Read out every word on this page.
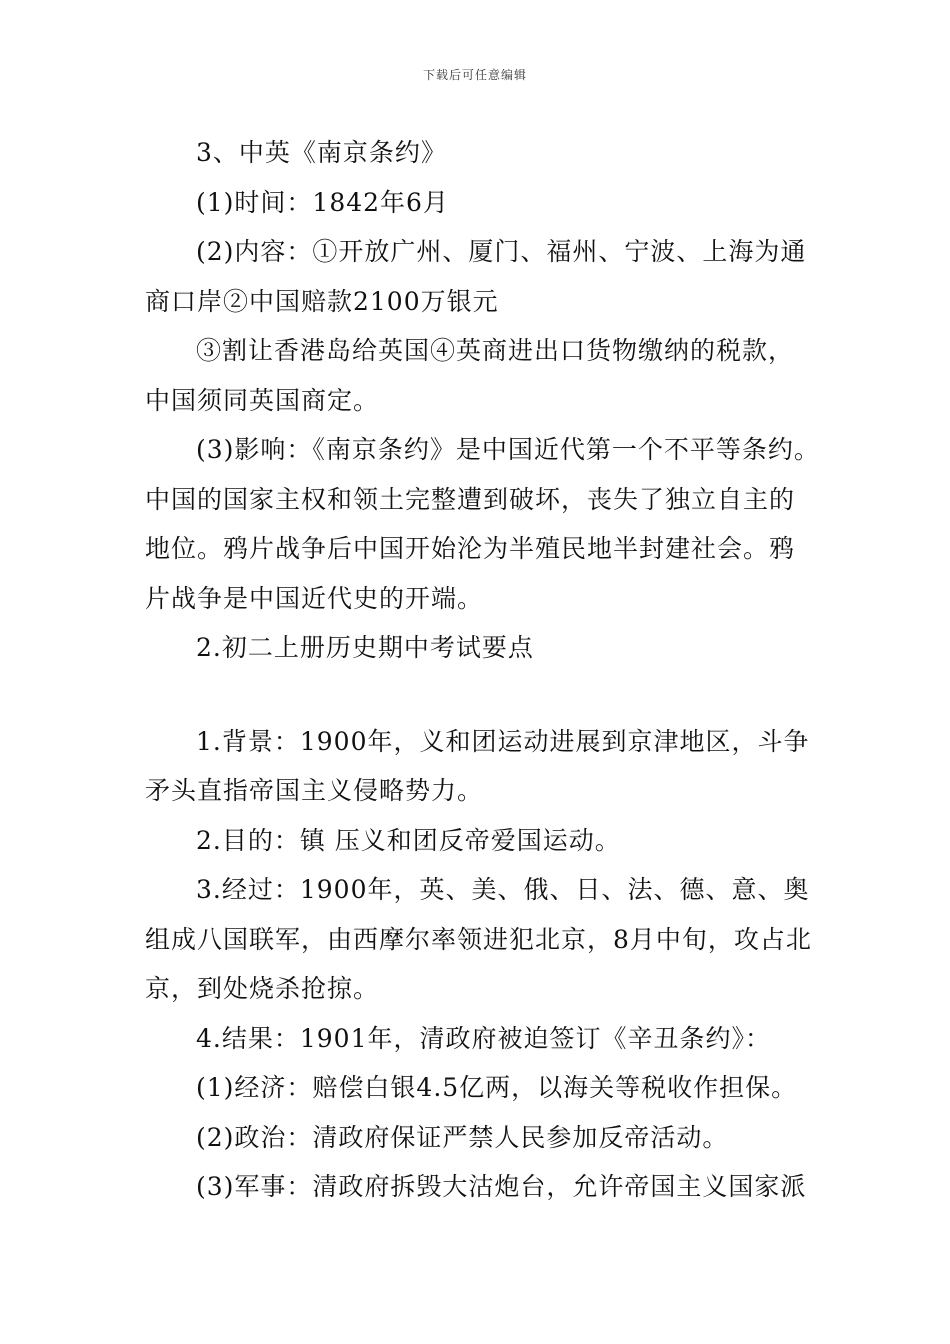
下载后可任意编辑
3、中英《南京条约》
(1)时间：1842年6月
(2)内容：①开放广州、厦门、福州、宁波、上海为通
商口岸②中国赔款2100万银元
③割让香港岛给英国④英商进出口货物缴纳的税款，
中国须同英国商定。
(3)影响：《南京条约》是中国近代第一个不平等条约。
中国的国家主权和领土完整遭到破坏，丧失了独立自主的
地位。鸦片战争后中国开始沦为半殖民地半封建社会。鸦
片战争是中国近代史的开端。
2.初二上册历史期中考试要点
1.背景：1900年，义和团运动进展到京津地区，斗争
矛头直指帝国主义侵略势力。
2.目的：镇 压义和团反帝爱国运动。
3.经过：1900年，英、美、俄、日、法、德、意、奥
组成八国联军，由西摩尔率领进犯北京，8月中旬，攻占北
京，到处烧杀抢掠。
4.结果：1901年，清政府被迫签订《辛丑条约》：
(1)经济：赔偿白银4.5亿两，以海关等税收作担保。
(2)政治：清政府保证严禁人民参加反帝活动。
(3)军事：清政府拆毁大沽炮台，允许帝国主义国家派
